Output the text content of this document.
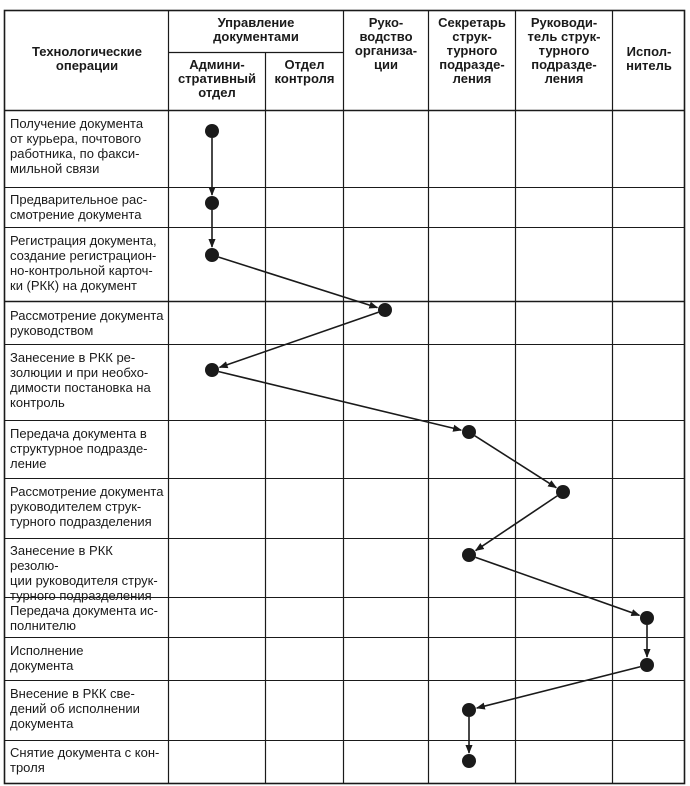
Технологические
операции
Управление
документами
Админи-
стративный
отдел
Отдел
контроля
Руко-
водство
организа-
ции
Секретарь
струк-
турного
подразде-
ления
Руководи-
тель струк-
турного
подразде-
ления
Испол-
нитель
Получение документа
от курьера, почтового
работника, по факси-
мильной связи
Предварительное рас-
смотрение документа
Регистрация документа,
создание регистрацион-
но-контрольной карточ-
ки (РКК) на документ
Рассмотрение документа
руководством
Занесение в РКК ре-
золюции и при необхо-
димости постановка на
контроль
Передача документа в
структурное подразде-
ление
Рассмотрение документа
руководителем струк-
турного подразделения
Занесение в РКК резолю-
ции руководителя струк-
турного подразделения
Передача документа ис-
полнителю
Исполнение
документа
Внесение в РКК све-
дений об исполнении
документа
Снятие документа с кон-
троля
